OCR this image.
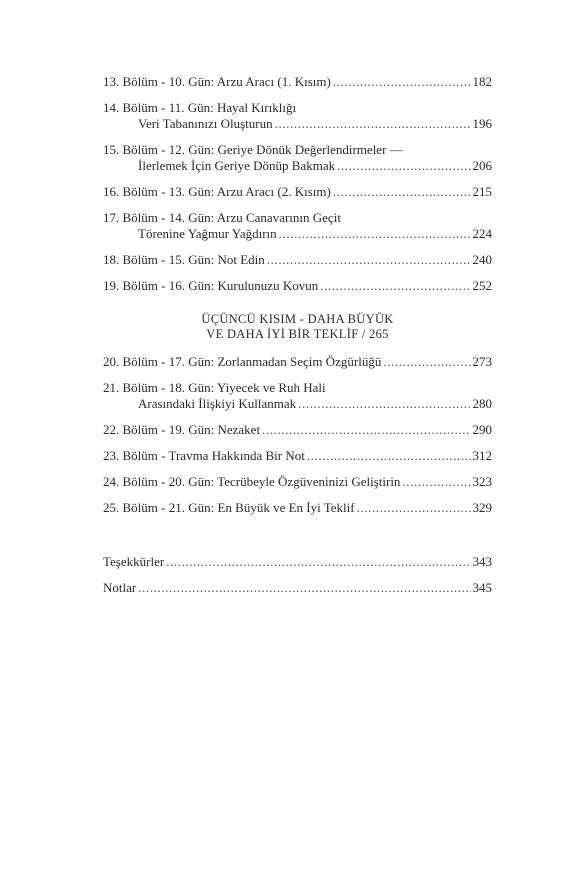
13. Bölüm - 10. Gün: Arzu Aracı (1. Kısım) .....	182
14. Bölüm - 11. Gün: Hayal Kırıklığı
Veri Tabanınızı Oluşturun .....	196
15. Bölüm - 12. Gün: Geriye Dönük Değerlendirmeler —
İlerlemek İçin Geriye Dönüp Bakmak .....	206
16. Bölüm - 13. Gün: Arzu Aracı (2. Kısım) .....	215
17. Bölüm - 14. Gün: Arzu Canavarının Geçit
Törenine Yağmur Yağdırın .....	224
18. Bölüm - 15. Gün: Not Edin .....	240
19. Bölüm - 16. Gün: Kurulunuzu Kovun .....	252
ÜÇÜNCÜ KISIM - DAHA BÜYÜK
VE DAHA İYİ BİR TEKLİF / 265
20. Bölüm - 17. Gün: Zorlanmadan Seçim Özgürlüğü .....	273
21. Bölüm - 18. Gün: Yiyecek ve Ruh Hali
Arasındaki İlişkiyi Kullanmak .....	280
22. Bölüm - 19. Gün: Nezaket .....	290
23. Bölüm - Travma Hakkında Bir Not .....	312
24. Bölüm - 20. Gün: Tecrübeyle Özgüveninizi Geliştirin .....	323
25. Bölüm - 21. Gün: En Büyük ve En İyi Teklif .....	329
Teşekkürler .....	343
Notlar .....	345
